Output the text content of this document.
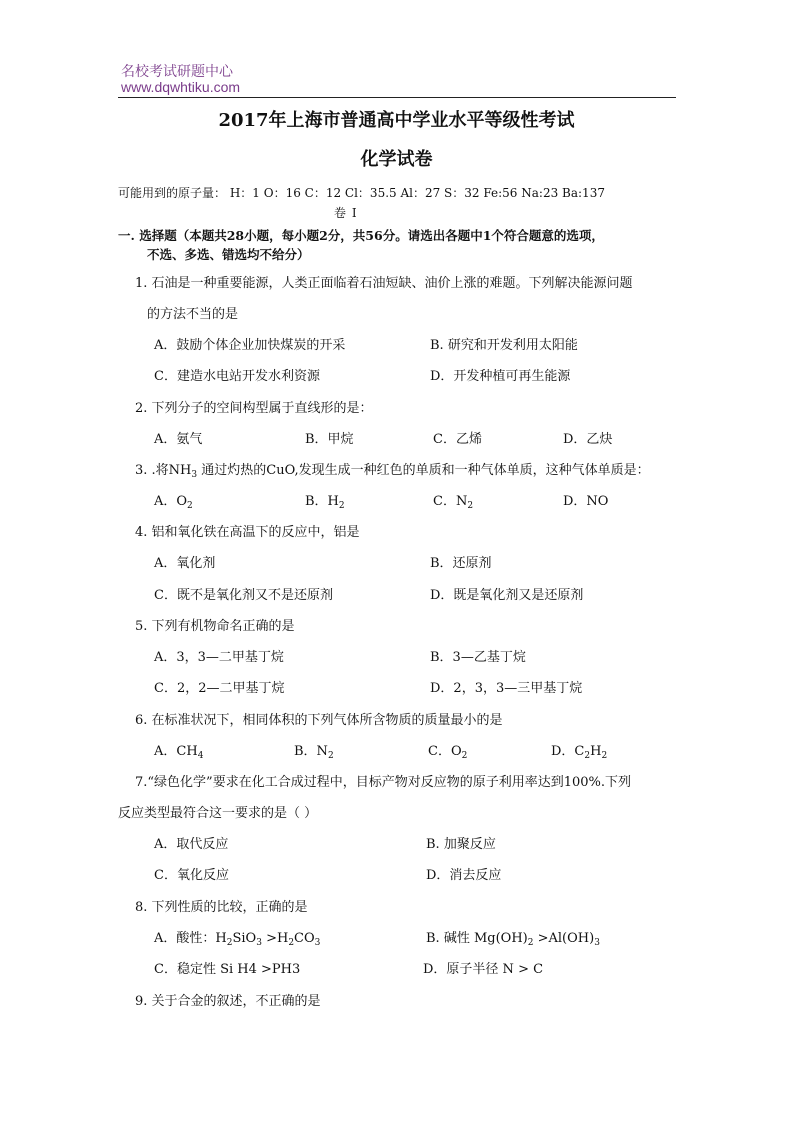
名校考试研题中心
www.dqwhtiku.com
2017年上海市普通高中学业水平等级性考试
化学试卷
可能用到的原子量： H：1 O：16 C：12 Cl：35.5 Al：27 S：32 Fe:56 Na:23 Ba:137
卷 Ⅰ
一. 选择题（本题共28小题，每小题2分，共56分。请选出各题中1个符合题意的选项，
不选、多选、错选均不给分）
1. 石油是一种重要能源，人类正面临着石油短缺、油价上涨的难题。下列解决能源问题
的方法不当的是
A．鼓励个体企业加快煤炭的开采	B. 研究和开发利用太阳能
C．建造水电站开发水利资源	D．开发种植可再生能源
2. 下列分子的空间构型属于直线形的是：
A．氨气	B．甲烷	C．乙烯	D．乙炔
3. .将$NH_3$ 通过灼热的CuO,发现生成一种红色的单质和一种气体单质，这种气体单质是：
A．$O_2$	B．$H_2$	C．$N_2$	D．NO
4. 铝和氧化铁在高温下的反应中，铝是
A．氧化剂	B．还原剂
C．既不是氧化剂又不是还原剂	D．既是氧化剂又是还原剂
5. 下列有机物命名正确的是
A．3，3—二甲基丁烷	B．3—乙基丁烷
C．2，2—二甲基丁烷	D．2，3，3—三甲基丁烷
6. 在标准状况下，相同体积的下列气体所含物质的质量最小的是
A．$CH_4$	B．$N_2$	C．$O_2$	D．$C_2H_2$
7.“绿色化学”要求在化工合成过程中，目标产物对反应物的原子利用率达到100%.下列
反应类型最符合这一要求的是（ ）
A．取代反应	B. 加聚反应
C．氧化反应	D．消去反应
8. 下列性质的比较，正确的是
A．酸性：$H_2SiO_3 >H_2CO_3$	B. 碱性 $Mg(OH)_2 >Al(OH)_3$
C．稳定性 Si H4 >PH3	D．原子半径 N > C
9. 关于合金的叙述，不正确的是
